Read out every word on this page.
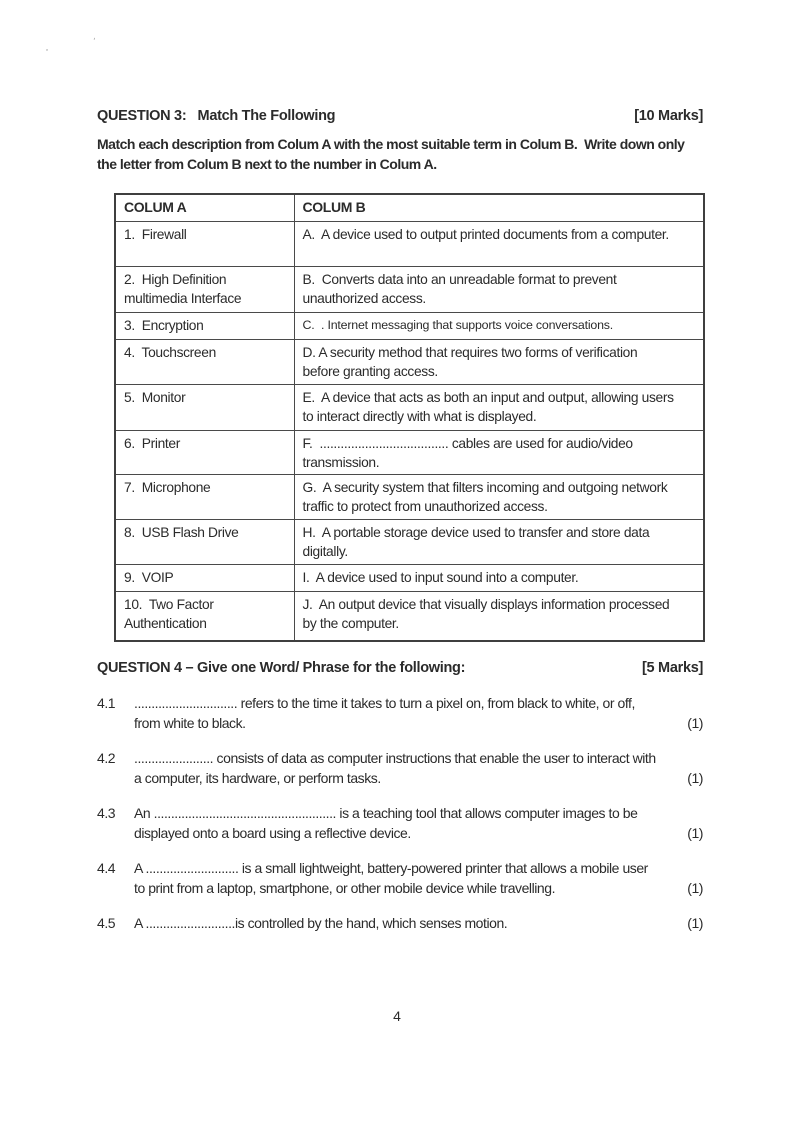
'
"
QUESTION 3:   Match The Following	[10 Marks]
Match each description from Colum A with the most suitable term in Colum B.  Write down only
the letter from Colum B next to the number in Colum A.
COLUM A	COLUM B

1.  Firewall	A.  A device used to output printed documents from a computer.

2.  High Definition
multimedia Interface	B.  Converts data into an unreadable format to prevent
unauthorized access.

3.  Encryption	C.  . Internet messaging that supports voice conversations.

4.  Touchscreen	D. A security method that requires two forms of verification
before granting access.

5.  Monitor	E.  A device that acts as both an input and output, allowing users
to interact directly with what is displayed.

6.  Printer	F.  ..................................... cables are used for audio/video
transmission.

7.  Microphone	G.  A security system that filters incoming and outgoing network
traffic to protect from unauthorized access.

8.  USB Flash Drive	H.  A portable storage device used to transfer and store data
digitally.

9.  VOIP	I.  A device used to input sound into a computer.

10.  Two Factor
Authentication	J.  An output device that visually displays information processed
by the computer.
QUESTION 4 – Give one Word/ Phrase for the following:	[5 Marks]
4.1 .............................. refers to the time it takes to turn a pixel on, from black to white, or off,
from white to black.	(1)
4.2 ....................... consists of data as computer instructions that enable the user to interact with
a computer, its hardware, or perform tasks.	(1)
4.3 An ..................................................... is a teaching tool that allows computer images to be
displayed onto a board using a reflective device.	(1)
4.4 A ........................... is a small lightweight, battery-powered printer that allows a mobile user
to print from a laptop, smartphone, or other mobile device while travelling.	(1)
4.5 A ..........................is controlled by the hand, which senses motion.	(1)
4
